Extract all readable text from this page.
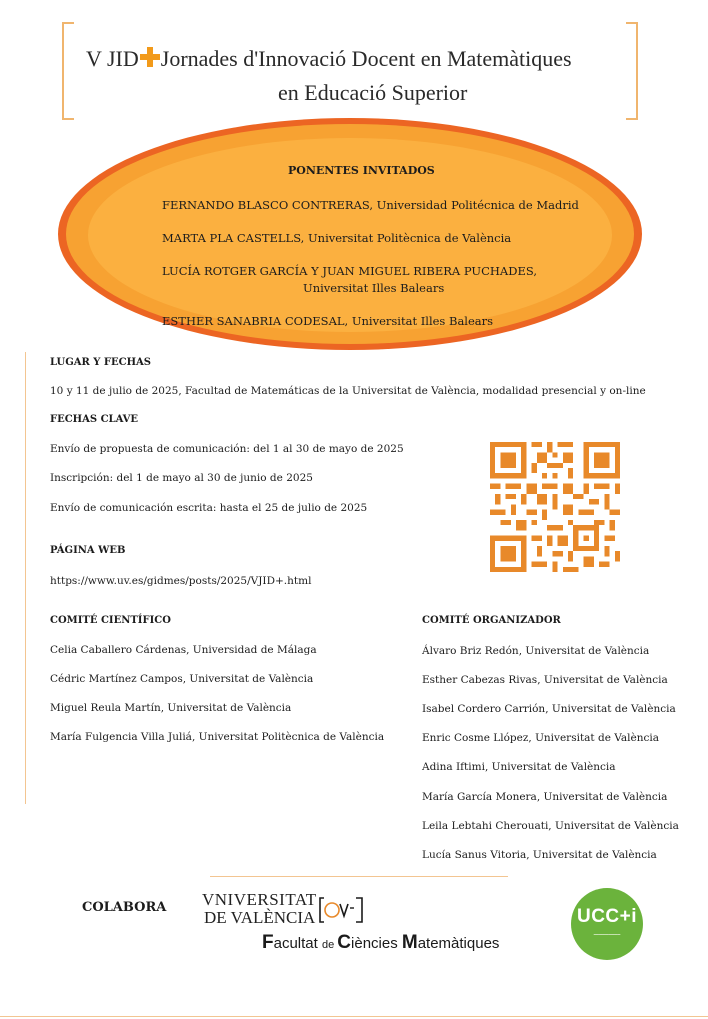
V JID Jornades d'Innovació Docent en Matemàtiques
en Educació Superior
PONENTES INVITADOS
FERNANDO BLASCO CONTRERAS, Universidad Politécnica de Madrid
MARTA PLA CASTELLS, Universitat Politècnica de València
LUCÍA ROTGER GARCÍA Y JUAN MIGUEL RIBERA PUCHADES,
Universitat Illes Balears
ESTHER SANABRIA CODESAL, Universitat Illes Balears
LUGAR Y FECHAS
10 y 11 de julio de 2025, Facultad de Matemáticas de la Universitat de València, modalidad presencial y on-line
FECHAS CLAVE
Envío de propuesta de comunicación: del 1 al 30 de mayo de 2025
Inscripción: del 1 de mayo al 30 de junio de 2025
Envío de comunicación escrita: hasta el 25 de julio de 2025
PÁGINA WEB
https://www.uv.es/gidmes/posts/2025/VJID+.html
COMITÉ CIENTÍFICO
Celia Caballero Cárdenas, Universidad de Málaga
Cédric Martínez Campos, Universitat de València
Miguel Reula Martín, Universitat de València
María Fulgencia Villa Juliá, Universitat Politècnica de València
COMITÉ ORGANIZADOR
Álvaro Briz Redón, Universitat de València
Esther Cabezas Rivas, Universitat de València
Isabel Cordero Carrión, Universitat de València
Enric Cosme Llópez, Universitat de València
Adina Iftimi, Universitat de València
María García Monera, Universitat de València
Leila Lebtahi Cherouati, Universitat de València
Lucía Sanus Vitoria, Universitat de València
COLABORA VNIVERSITAT
DE VALÈNCIA
Facultat de Ciències Matemàtiques
UCC+i
━━━━━━━━━━━
